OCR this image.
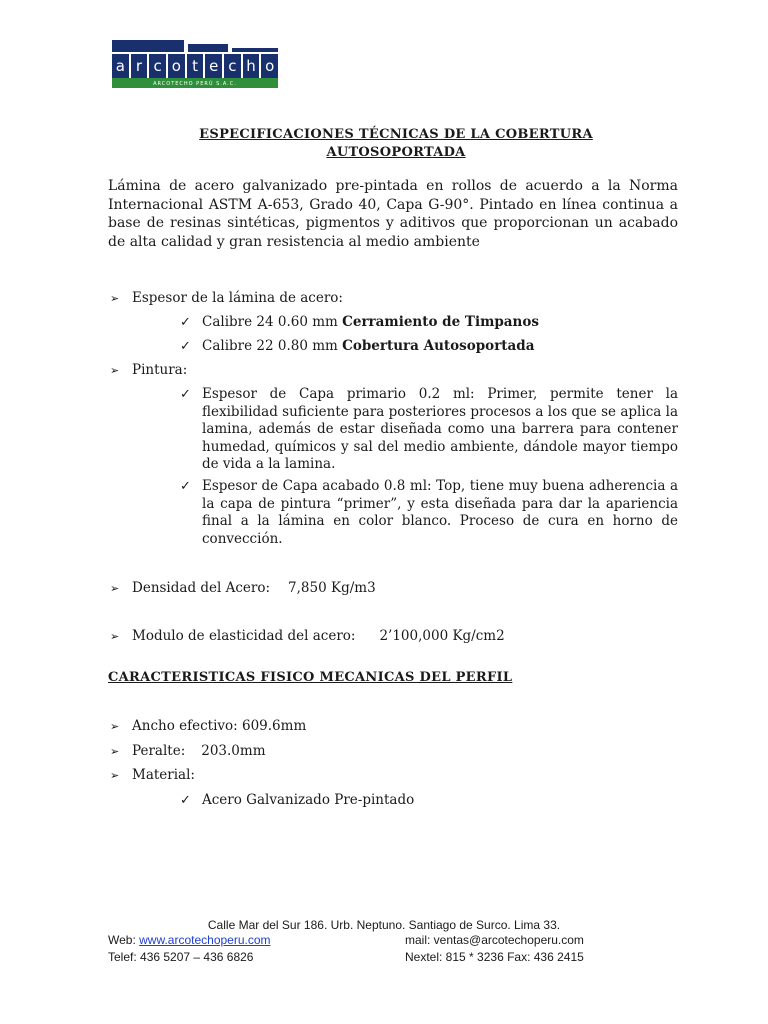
a r c o t e c h o
ARCOTECHO PERÚ S.A.C.
ESPECIFICACIONES TÉCNICAS DE LA COBERTURA
AUTOSOPORTADA

Lámina de acero galvanizado pre-pintada en rollos de acuerdo a la Norma Internacional ASTM A-653, Grado 40, Capa G-90°. Pintado en línea continua a base de resinas sintéticas, pigmentos y aditivos que proporcionan un acabado de alta calidad y gran resistencia al medio ambiente

➢ Espesor de la lámina de acero:
✓ Calibre 24 0.60 mm Cerramiento de Timpanos
✓ Calibre 22 0.80 mm Cobertura Autosoportada
➢ Pintura:
✓ Espesor de Capa primario 0.2 ml: Primer, permite tener la flexibilidad suficiente para posteriores procesos a los que se aplica la lamina, además de estar diseñada como una barrera para contener humedad, químicos y sal del medio ambiente, dándole mayor tiempo de vida a la lamina.
✓ Espesor de Capa acabado 0.8 ml: Top, tiene muy buena adherencia a la capa de pintura “primer”, y esta diseñada para dar la apariencia final a la lámina en color blanco. Proceso de cura en horno de convección.
➢ Densidad del Acero: 7,850 Kg/m3
➢ Modulo de elasticidad del acero: 2’100,000 Kg/cm2
CARACTERISTICAS FISICO MECANICAS DEL PERFIL
➢ Ancho efectivo: 609.6mm
➢ Peralte: 203.0mm
➢ Material:
✓ Acero Galvanizado Pre-pintado
Calle Mar del Sur 186. Urb. Neptuno. Santiago de Surco. Lima 33.
Web: www.arcotechoperu.com	mail: ventas@arcotechoperu.com
Telef: 436 5207 – 436 6826	Nextel: 815 * 3236 Fax: 436 2415
